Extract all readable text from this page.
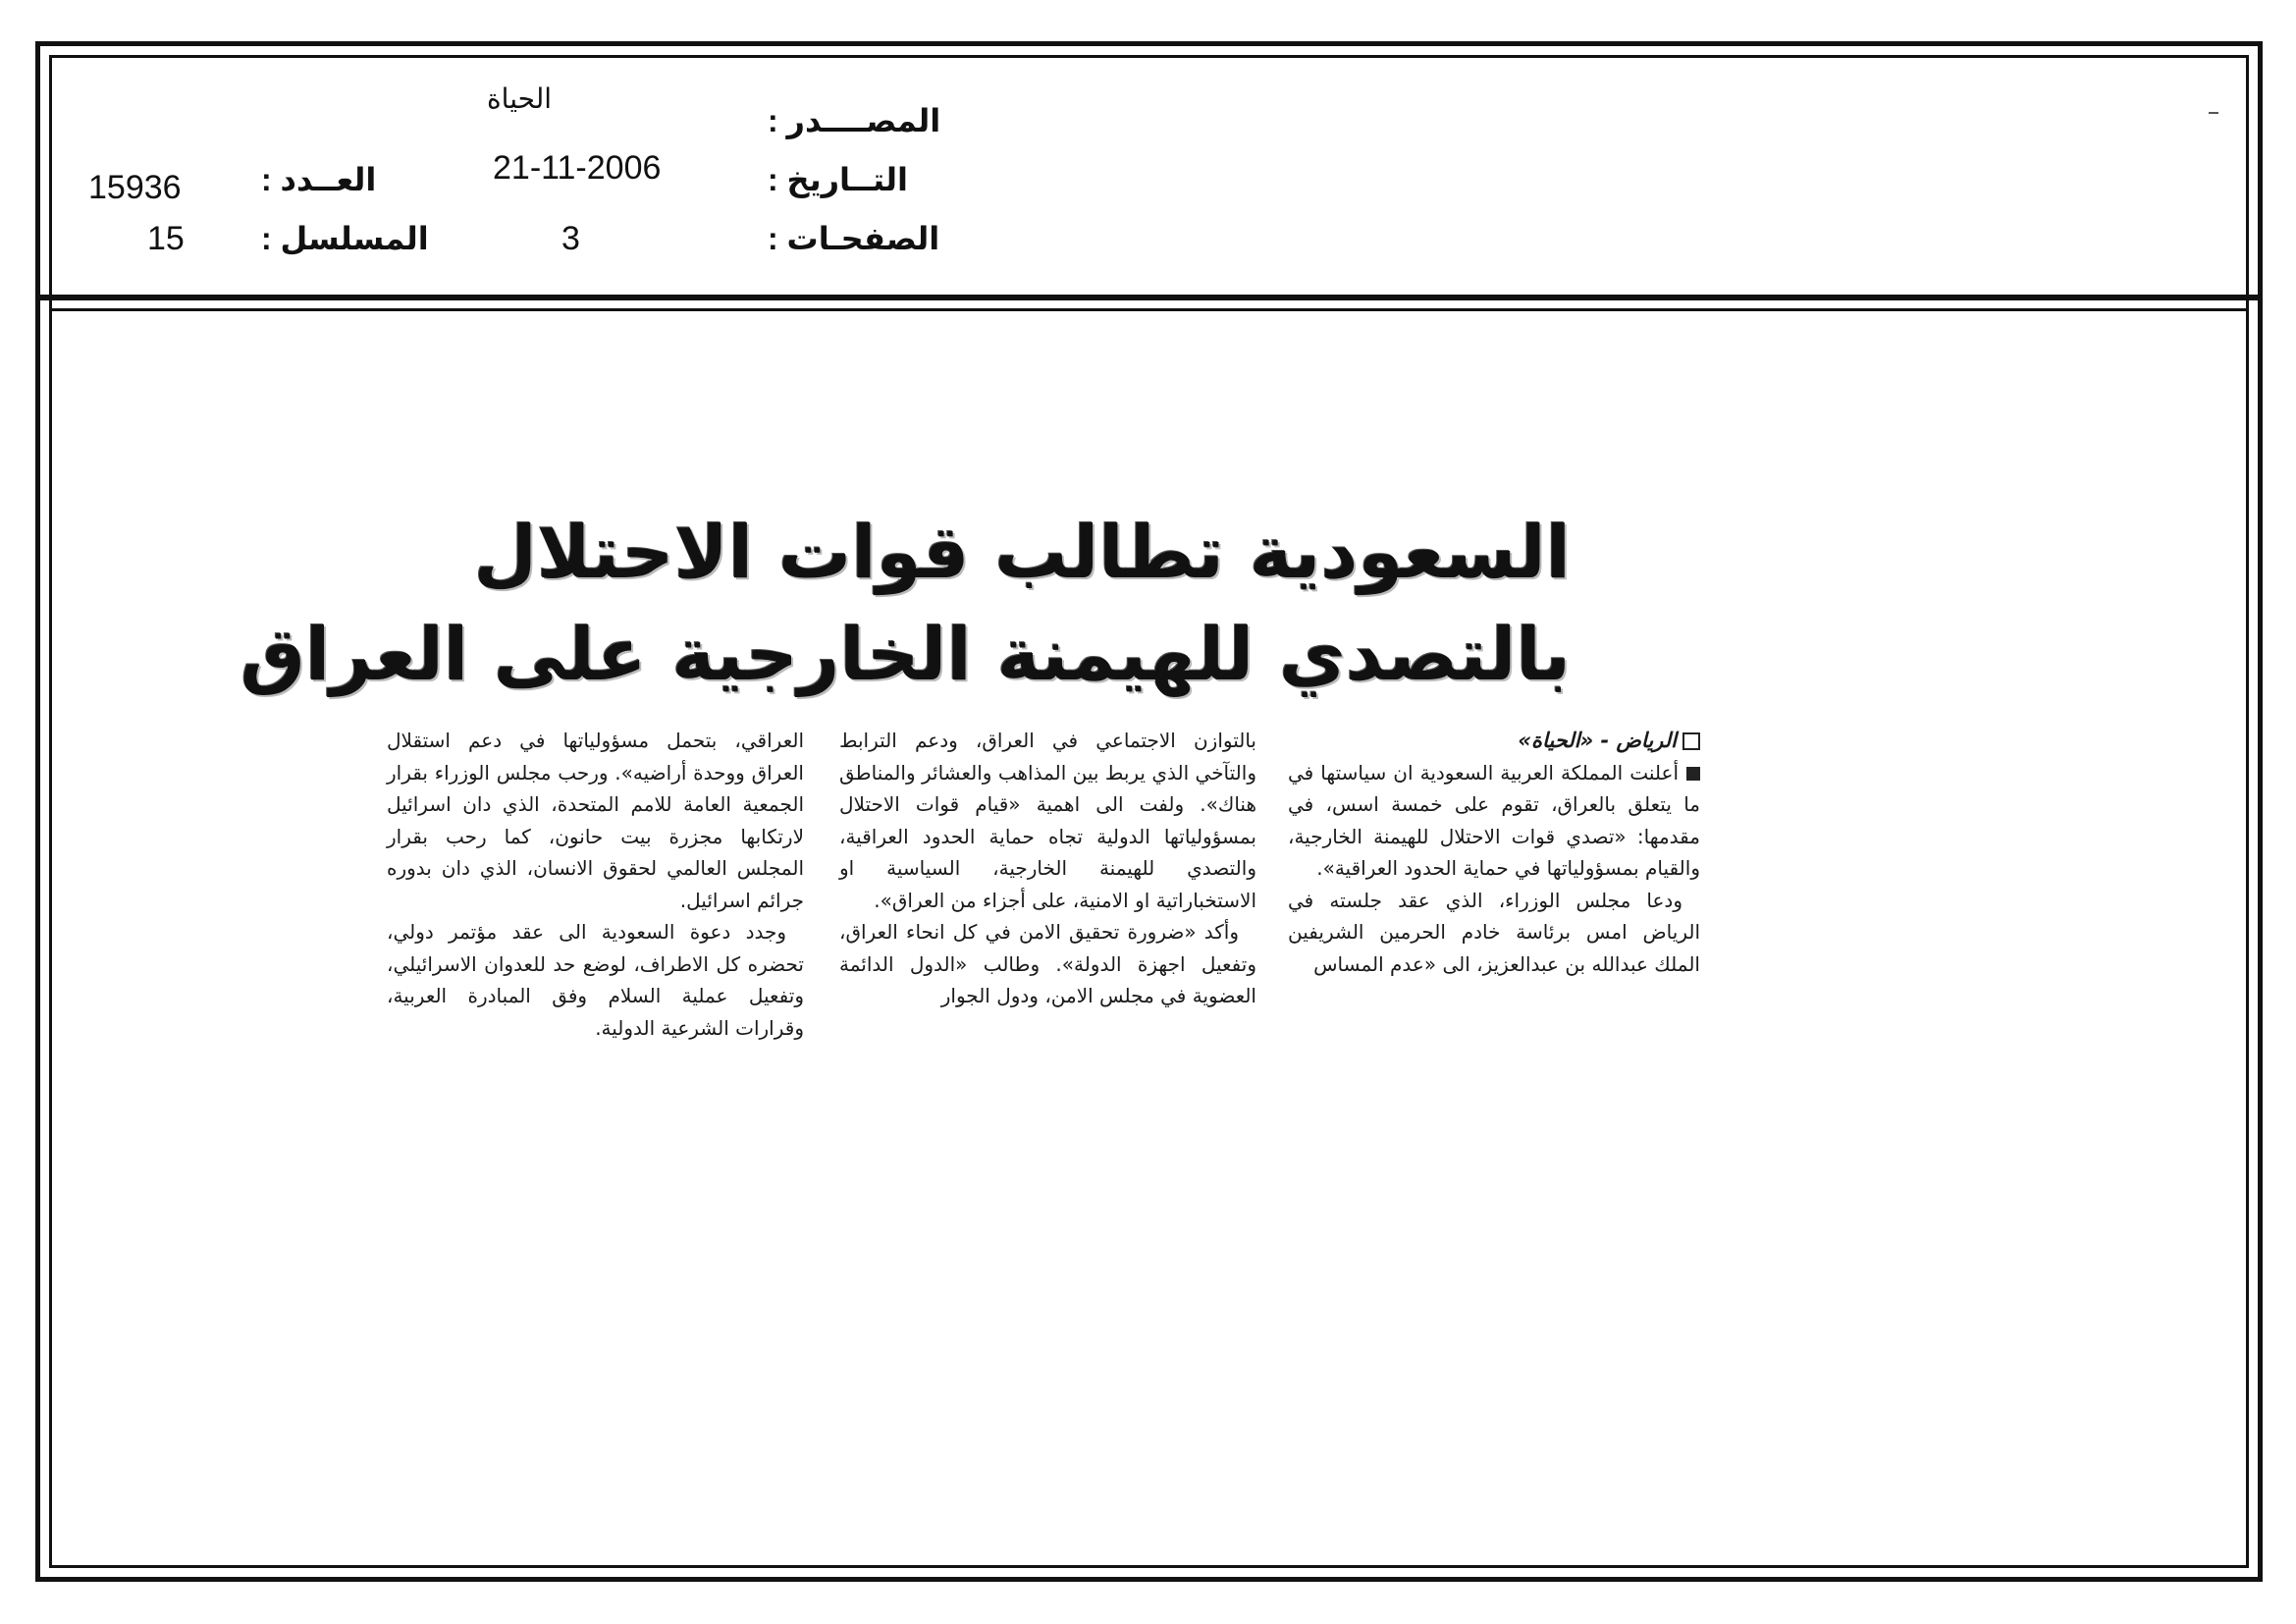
المصــــدر :
الحياة
التــاريخ :
21-11-2006
الصفحـات :
3
العــدد :
15936
المسلسل :
15
السعودية تطالب قوات الاحتلال
بالتصدي للهيمنة الخارجية على العراق

الرياض - «الحياة»

أعلنت المملكة العربية السعودية ان سياستها في ما يتعلق بالعراق، تقوم على خمسة اسس، في مقدمها: «تصدي قوات الاحتلال للهيمنة الخارجية، والقيام بمسؤولياتها في حماية الحدود العراقية».

ودعا مجلس الوزراء، الذي عقد جلسته في الرياض امس برئاسة خادم الحرمين الشريفين الملك عبدالله بن عبدالعزيز، الى «عدم المساس

بالتوازن الاجتماعي في العراق، ودعم الترابط والتآخي الذي يربط بين المذاهب والعشائر والمناطق هناك». ولفت الى اهمية «قيام قوات الاحتلال بمسؤولياتها الدولية تجاه حماية الحدود العراقية، والتصدي للهيمنة الخارجية، السياسية او الاستخباراتية او الامنية، على أجزاء من العراق».

وأكد «ضرورة تحقيق الامن في كل انحاء العراق، وتفعيل اجهزة الدولة». وطالب «الدول الدائمة العضوية في مجلس الامن، ودول الجوار

العراقي، بتحمل مسؤولياتها في دعم استقلال العراق ووحدة أراضيه». ورحب مجلس الوزراء بقرار الجمعية العامة للامم المتحدة، الذي دان اسرائيل لارتكابها مجزرة بيت حانون، كما رحب بقرار المجلس العالمي لحقوق الانسان، الذي دان بدوره جرائم اسرائيل.

وجدد دعوة السعودية الى عقد مؤتمر دولي، تحضره كل الاطراف، لوضع حد للعدوان الاسرائيلي، وتفعيل عملية السلام وفق المبادرة العربية، وقرارات الشرعية الدولية.
